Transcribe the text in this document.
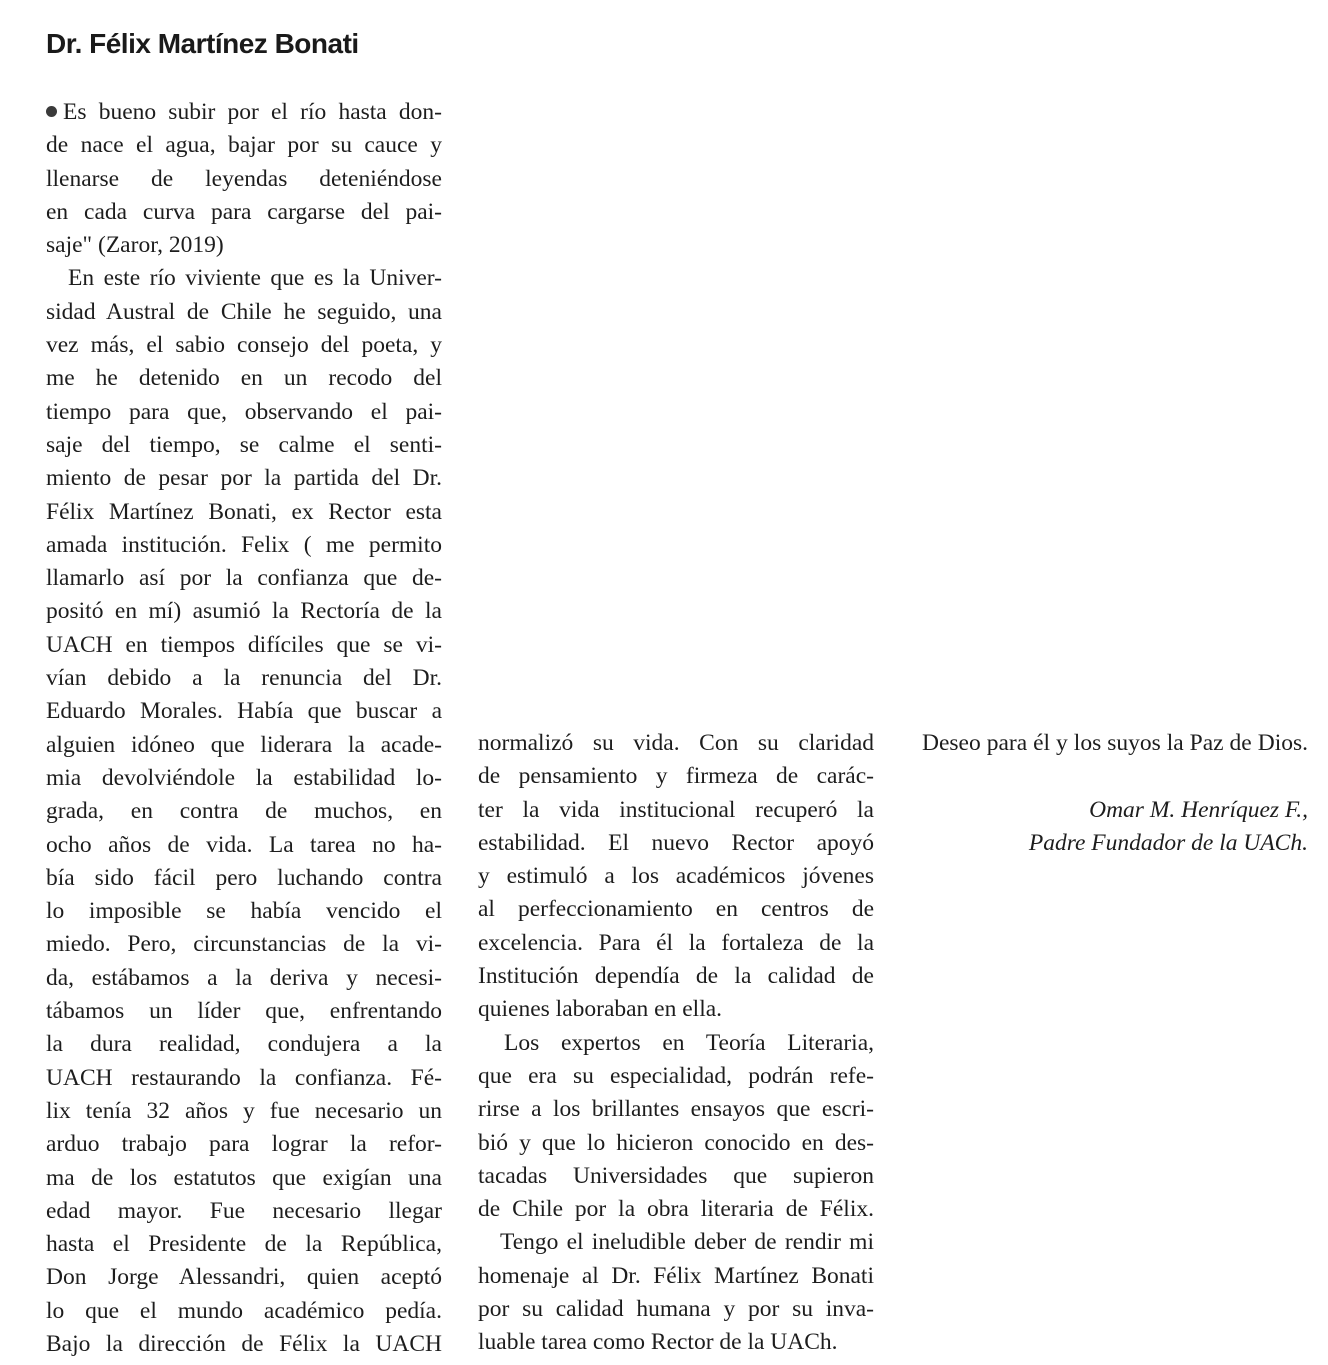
Dr. Félix Martínez Bonati
Es bueno subir por el río hasta don-
de nace el agua, bajar por su cauce y
llenarse de leyendas deteniéndose
en cada curva para cargarse del pai-
saje" (Zaror, 2019)
En este río viviente que es la Univer-
sidad Austral de Chile he seguido, una
vez más, el sabio consejo del poeta, y
me he detenido en un recodo del
tiempo para que, observando el pai-
saje del tiempo, se calme el senti-
miento de pesar por la partida del Dr.
Félix Martínez Bonati, ex Rector esta
amada institución. Felix ( me permito
llamarlo así por la confianza que de-
positó en mí) asumió la Rectoría de la
UACH en tiempos difíciles que se vi-
vían debido a la renuncia del Dr.
Eduardo Morales. Había que buscar a
alguien idóneo que liderara la acade-
mia devolviéndole la estabilidad lo-
grada, en contra de muchos, en
ocho años de vida. La tarea no ha-
bía sido fácil pero luchando contra
lo imposible se había vencido el
miedo. Pero, circunstancias de la vi-
da, estábamos a la deriva y necesi-
tábamos un líder que, enfrentando
la dura realidad, condujera a la
UACH restaurando la confianza. Fé-
lix tenía 32 años y fue necesario un
arduo trabajo para lograr la refor-
ma de los estatutos que exigían una
edad mayor. Fue necesario llegar
hasta el Presidente de la República,
Don Jorge Alessandri, quien aceptó
lo que el mundo académico pedía.
Bajo la dirección de Félix la UACH
normalizó su vida. Con su claridad
de pensamiento y firmeza de carác-
ter la vida institucional recuperó la
estabilidad. El nuevo Rector apoyó
y estimuló a los académicos jóvenes
al perfeccionamiento en centros de
excelencia. Para él la fortaleza de la
Institución dependía de la calidad de
quienes laboraban en ella.
Los expertos en Teoría Literaria,
que era su especialidad, podrán refe-
rirse a los brillantes ensayos que escri-
bió y que lo hicieron conocido en des-
tacadas Universidades que supieron
de Chile por la obra literaria de Félix.
Tengo el ineludible deber de rendir mi
homenaje al Dr. Félix Martínez Bonati
por su calidad humana y por su inva-
luable tarea como Rector de la UACh.
Deseo para él y los suyos la Paz de Dios.
Omar M. Henríquez F.,
Padre Fundador de la UACh.
